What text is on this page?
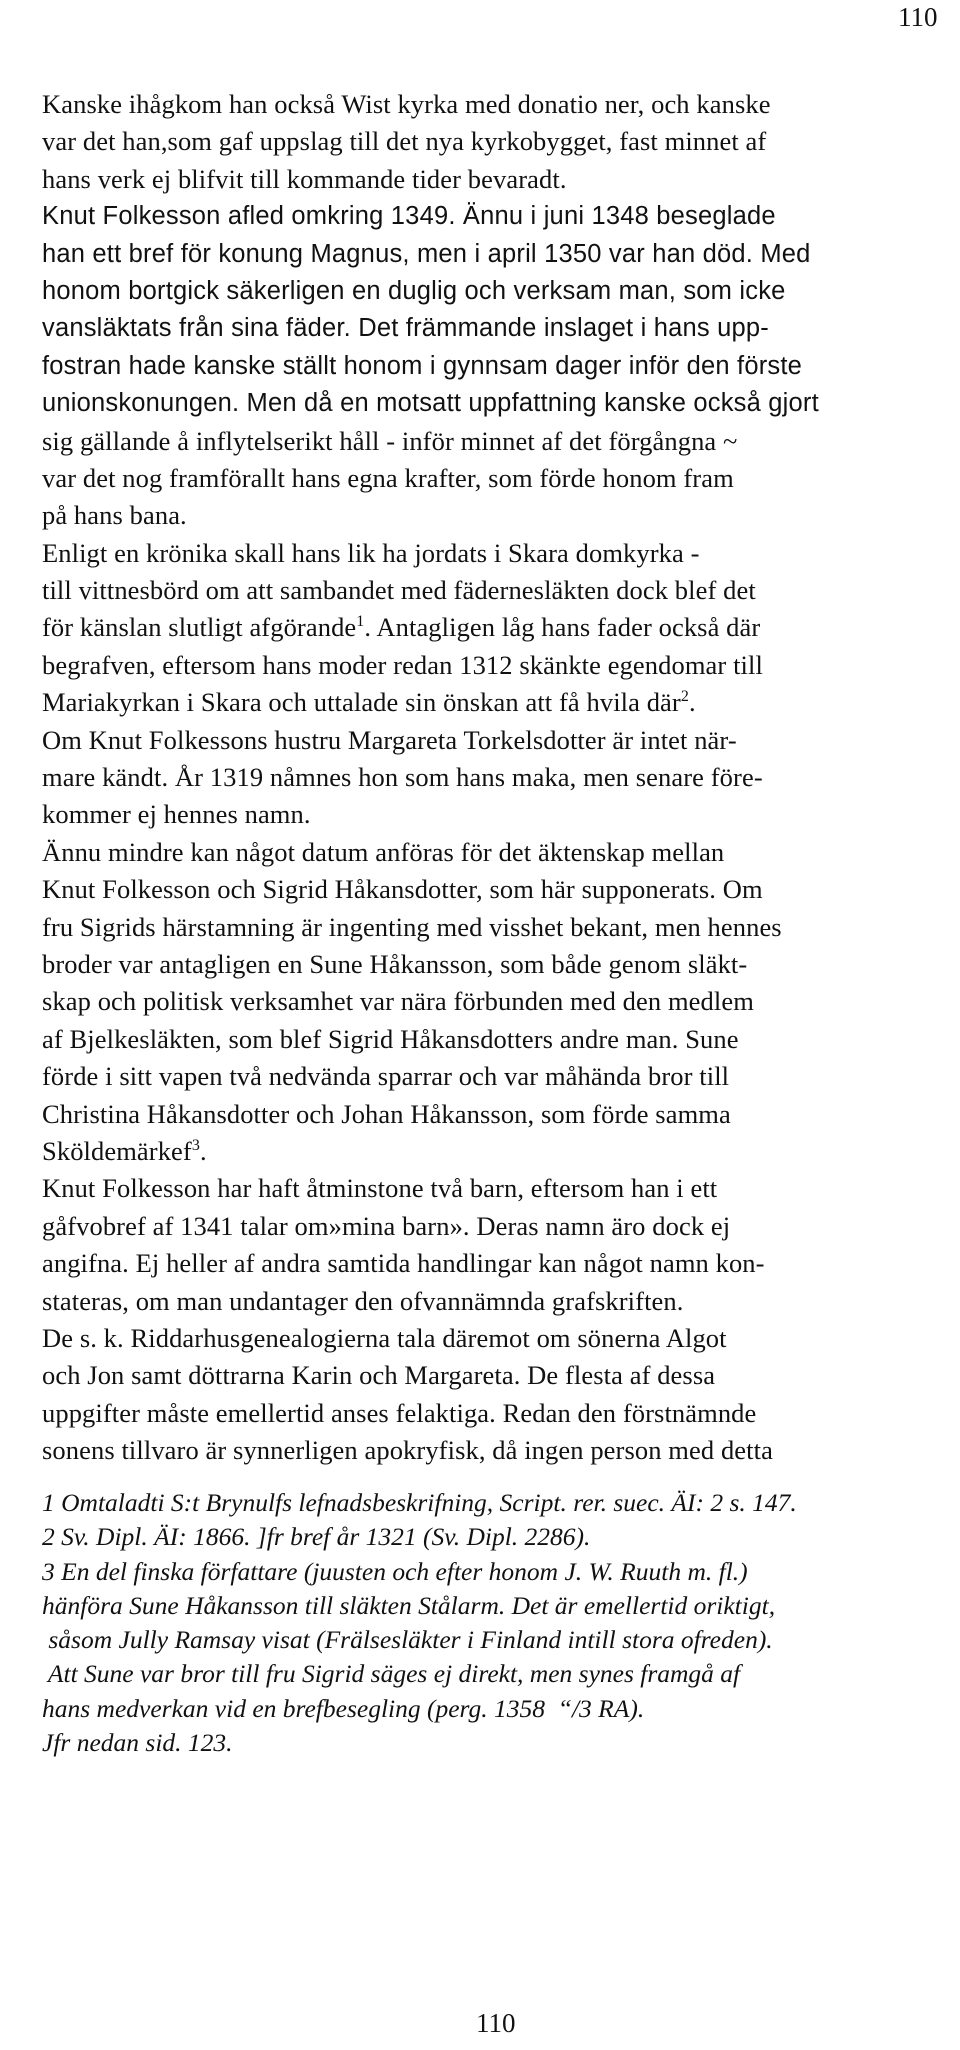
110
Kanske ihågkom han också Wist kyrka med donatio ner, och kanske
var det han,som gaf uppslag till det nya kyrkobygget, fast minnet af
hans verk ej blifvit till kommande tider bevaradt.
Knut Folkesson afled omkring 1349. Ännu i juni 1348 beseglade
han ett bref för konung Magnus, men i april 1350 var han död. Med
honom bortgick säkerligen en duglig och verksam man, som icke
vansläktats från sina fäder. Det främmande inslaget i hans upp-
fostran hade kanske ställt honom i gynnsam dager inför den förste
unionskonungen. Men då en motsatt uppfattning kanske också gjort
sig gällande å inflytelserikt håll - inför minnet af det förgångna ~
var det nog framförallt hans egna krafter, som förde honom fram
på hans bana.
Enligt en krönika skall hans lik ha jordats i Skara domkyrka -
till vittnesbörd om att sambandet med fädernesläkten dock blef det
för känslan slutligt afgörande$^1$. Antagligen låg hans fader också där
begrafven, eftersom hans moder redan 1312 skänkte egendomar till
Mariakyrkan i Skara och uttalade sin önskan att få hvila där$^2$.
Om Knut Folkessons hustru Margareta Torkelsdotter är intet när-
mare kändt. År 1319 nåmnes hon som hans maka, men senare före-
kommer ej hennes namn.
Ännu mindre kan något datum anföras för det äktenskap mellan
Knut Folkesson och Sigrid Håkansdotter, som här supponerats. Om
fru Sigrids härstamning är ingenting med visshet bekant, men hennes
broder var antagligen en Sune Håkansson, som både genom släkt-
skap och politisk verksamhet var nära förbunden med den medlem
af Bjelkesläkten, som blef Sigrid Håkansdotters andre man. Sune
förde i sitt vapen två nedvända sparrar och var måhända bror till
Christina Håkansdotter och Johan Håkansson, som förde samma
Sköldemärkef$^3$.
Knut Folkesson har haft åtminstone två barn, eftersom han i ett
gåfvobref af 1341 talar om»mina barn». Deras namn äro dock ej
angifna. Ej heller af andra samtida handlingar kan något namn kon-
stateras, om man undantager den ofvannämnda grafskriften.
De s. k. Riddarhusgenealogierna tala däremot om sönerna Algot
och Jon samt döttrarna Karin och Margareta. De flesta af dessa
uppgifter måste emellertid anses felaktiga. Redan den förstnämnde
sonens tillvaro är synnerligen apokryfisk, då ingen person med detta
1 Omtaladti S:t Brynulfs lefnadsbeskrifning, Script. rer. suec. ÄI: 2 s. 147.
2 Sv. Dipl. ÄI: 1866. ]fr bref år 1321 (Sv. Dipl. 2286).
3 En del finska författare (juusten och efter honom J. W. Ruuth m. fl.)
hänföra Sune Håkansson till släkten Stålarm. Det är emellertid oriktigt,
såsom Jully Ramsay visat (Frälsesläkter i Finland intill stora ofreden).
Att Sune var bror till fru Sigrid säges ej direkt, men synes framgå af
hans medverkan vid en brefbesegling (perg. 1358  “/3 RA).
Jfr nedan sid. 123.
110
